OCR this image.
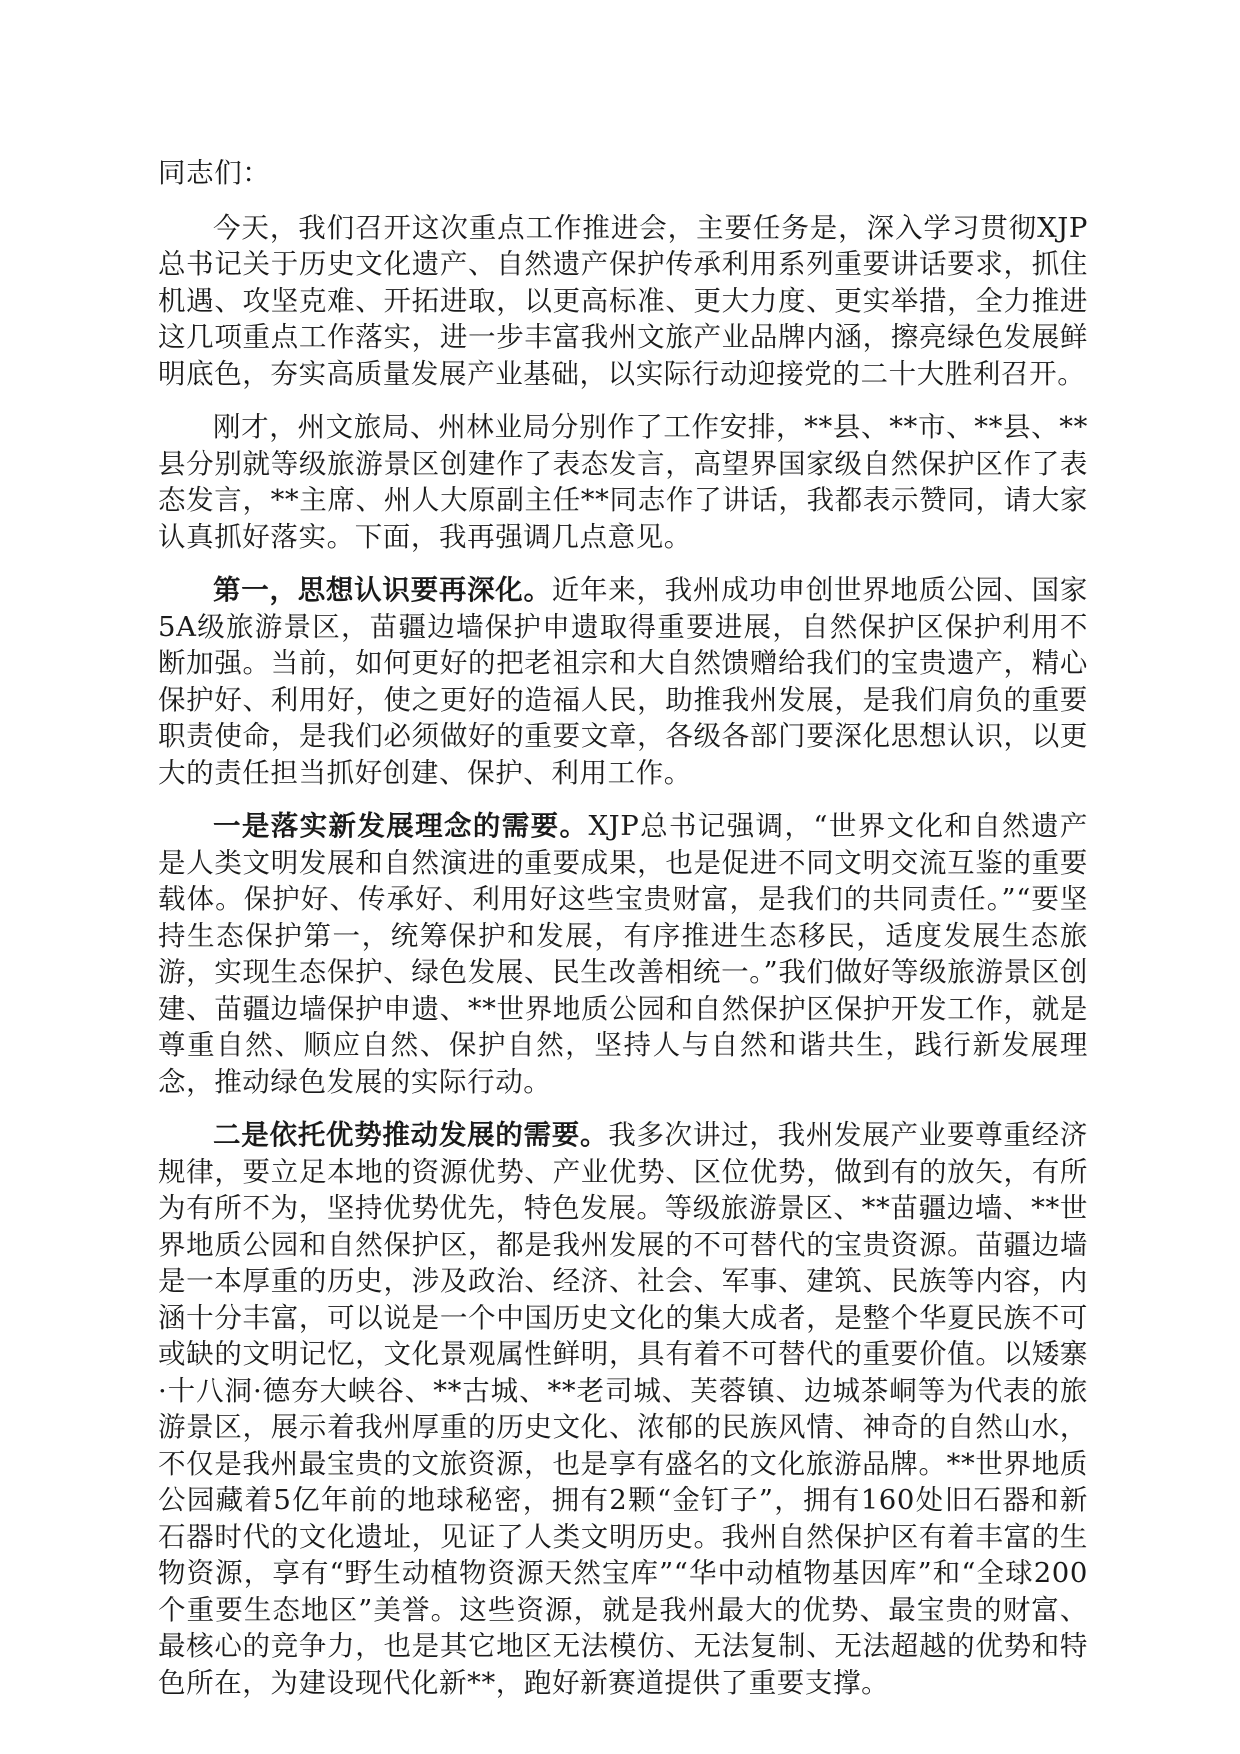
同志们：

今天，我们召开这次重点工作推进会，主要任务是，深入学习贯彻XJP总书记关于历史文化遗产、自然遗产保护传承利用系列重要讲话要求，抓住机遇、攻坚克难、开拓进取，以更高标准、更大力度、更实举措，全力推进这几项重点工作落实，进一步丰富我州文旅产业品牌内涵，擦亮绿色发展鲜明底色，夯实高质量发展产业基础，以实际行动迎接党的二十大胜利召开。

刚才，州文旅局、州林业局分别作了工作安排，**县、**市、**县、**县分别就等级旅游景区创建作了表态发言，高望界国家级自然保护区作了表态发言，**主席、州人大原副主任**同志作了讲话，我都表示赞同，请大家认真抓好落实。下面，我再强调几点意见。

第一，思想认识要再深化。近年来，我州成功申创世界地质公园、国家5A级旅游景区，苗疆边墙保护申遗取得重要进展，自然保护区保护利用不断加强。当前，如何更好的把老祖宗和大自然馈赠给我们的宝贵遗产，精心保护好、利用好，使之更好的造福人民，助推我州发展，是我们肩负的重要职责使命，是我们必须做好的重要文章，各级各部门要深化思想认识，以更大的责任担当抓好创建、保护、利用工作。

一是落实新发展理念的需要。XJP总书记强调，“世界文化和自然遗产是人类文明发展和自然演进的重要成果，也是促进不同文明交流互鉴的重要载体。保护好、传承好、利用好这些宝贵财富，是我们的共同责任。”“要坚持生态保护第一，统筹保护和发展，有序推进生态移民，适度发展生态旅游，实现生态保护、绿色发展、民生改善相统一。”我们做好等级旅游景区创建、苗疆边墙保护申遗、**世界地质公园和自然保护区保护开发工作，就是尊重自然、顺应自然、保护自然，坚持人与自然和谐共生，践行新发展理念，推动绿色发展的实际行动。

二是依托优势推动发展的需要。我多次讲过，我州发展产业要尊重经济规律，要立足本地的资源优势、产业优势、区位优势，做到有的放矢，有所为有所不为，坚持优势优先，特色发展。等级旅游景区、**苗疆边墙、**世界地质公园和自然保护区，都是我州发展的不可替代的宝贵资源。苗疆边墙是一本厚重的历史，涉及政治、经济、社会、军事、建筑、民族等内容，内涵十分丰富，可以说是一个中国历史文化的集大成者，是整个华夏民族不可或缺的文明记忆，文化景观属性鲜明，具有着不可替代的重要价值。以矮寨·十八洞·德夯大峡谷、**古城、**老司城、芙蓉镇、边城茶峒等为代表的旅游景区，展示着我州厚重的历史文化、浓郁的民族风情、神奇的自然山水，不仅是我州最宝贵的文旅资源，也是享有盛名的文化旅游品牌。**世界地质公园藏着5亿年前的地球秘密，拥有2颗“金钉子”，拥有160处旧石器和新石器时代的文化遗址，见证了人类文明历史。我州自然保护区有着丰富的生物资源，享有“野生动植物资源天然宝库”“华中动植物基因库”和“全球200个重要生态地区”美誉。这些资源，就是我州最大的优势、最宝贵的财富、最核心的竞争力，也是其它地区无法模仿、无法复制、无法超越的优势和特色所在，为建设现代化新**，跑好新赛道提供了重要支撑。
